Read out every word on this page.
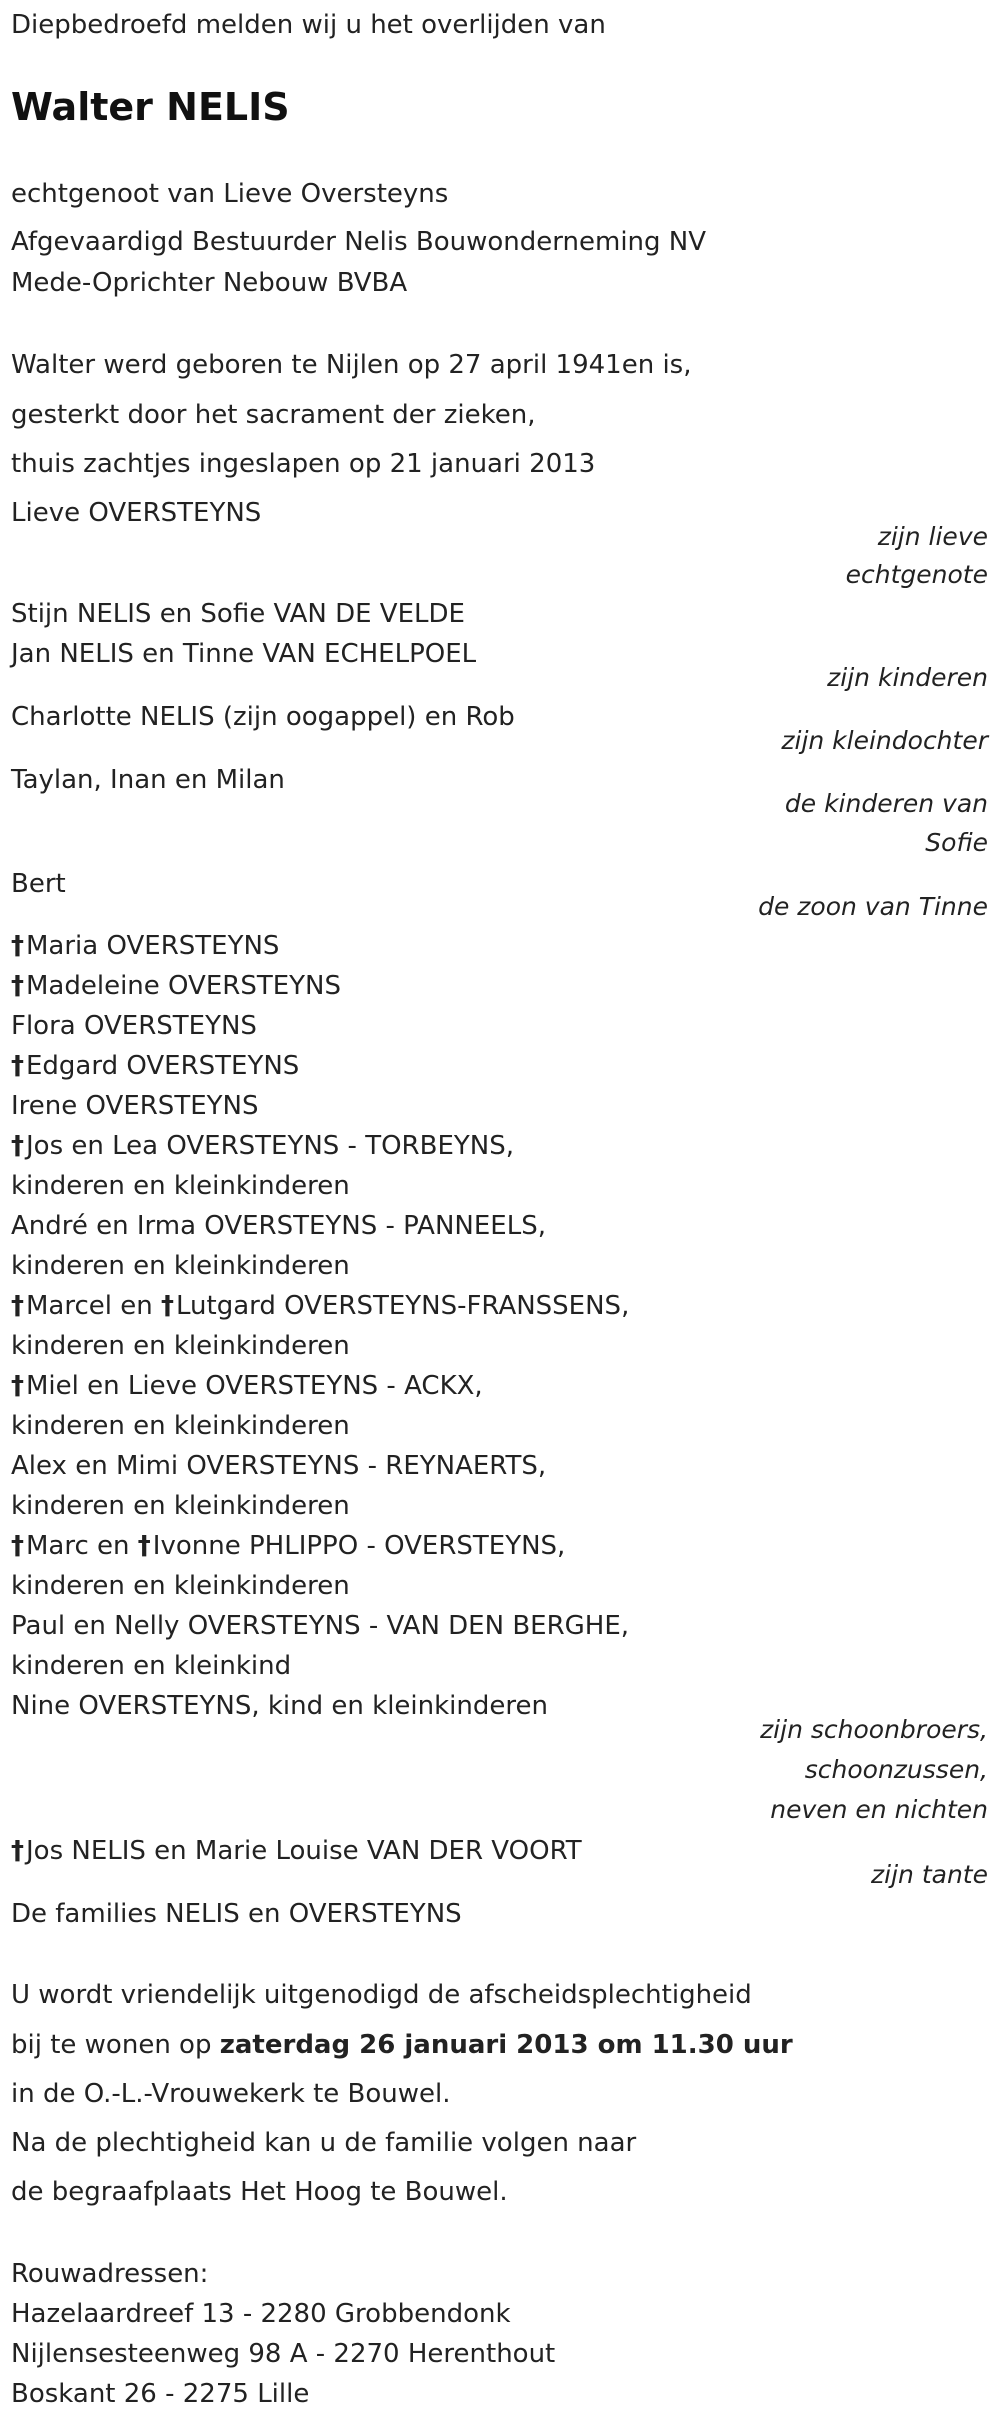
Diepbedroefd melden wij u het overlijden van
Walter NELIS
echtgenoot van Lieve Oversteyns
Afgevaardigd Bestuurder Nelis Bouwonderneming NV
Mede-Oprichter Nebouw BVBA
Walter werd geboren te Nijlen op 27 april 1941en is,
gesterkt door het sacrament der zieken,
thuis zachtjes ingeslapen op 21 januari 2013
Lieve OVERSTEYNS
zijn lieve
echtgenote
Stijn NELIS en Sofie VAN DE VELDE
Jan NELIS en Tinne VAN ECHELPOEL
zijn kinderen
Charlotte NELIS (zijn oogappel) en Rob
zijn kleindochter
Taylan, Inan en Milan
de kinderen van
Sofie
Bert
de zoon van Tinne
†Maria OVERSTEYNS
†Madeleine OVERSTEYNS
Flora OVERSTEYNS
†Edgard OVERSTEYNS
Irene OVERSTEYNS
†Jos en Lea OVERSTEYNS - TORBEYNS,
kinderen en kleinkinderen
André en Irma OVERSTEYNS - PANNEELS,
kinderen en kleinkinderen
†Marcel en †Lutgard OVERSTEYNS-FRANSSENS,
kinderen en kleinkinderen
†Miel en Lieve OVERSTEYNS - ACKX,
kinderen en kleinkinderen
Alex en Mimi OVERSTEYNS - REYNAERTS,
kinderen en kleinkinderen
†Marc en †Ivonne PHLIPPO - OVERSTEYNS,
kinderen en kleinkinderen
Paul en Nelly OVERSTEYNS - VAN DEN BERGHE,
kinderen en kleinkind
Nine OVERSTEYNS, kind en kleinkinderen
zijn schoonbroers,
schoonzussen,
neven en nichten
†Jos NELIS en Marie Louise VAN DER VOORT
zijn tante
De families NELIS en OVERSTEYNS
U wordt vriendelijk uitgenodigd de afscheidsplechtigheid
bij te wonen op zaterdag 26 januari 2013 om 11.30 uur
in de O.-L.-Vrouwekerk te Bouwel.
Na de plechtigheid kan u de familie volgen naar
de begraafplaats Het Hoog te Bouwel.
Rouwadressen:
Hazelaardreef 13 - 2280 Grobbendonk
Nijlensesteenweg 98 A - 2270 Herenthout
Boskant 26 - 2275 Lille
